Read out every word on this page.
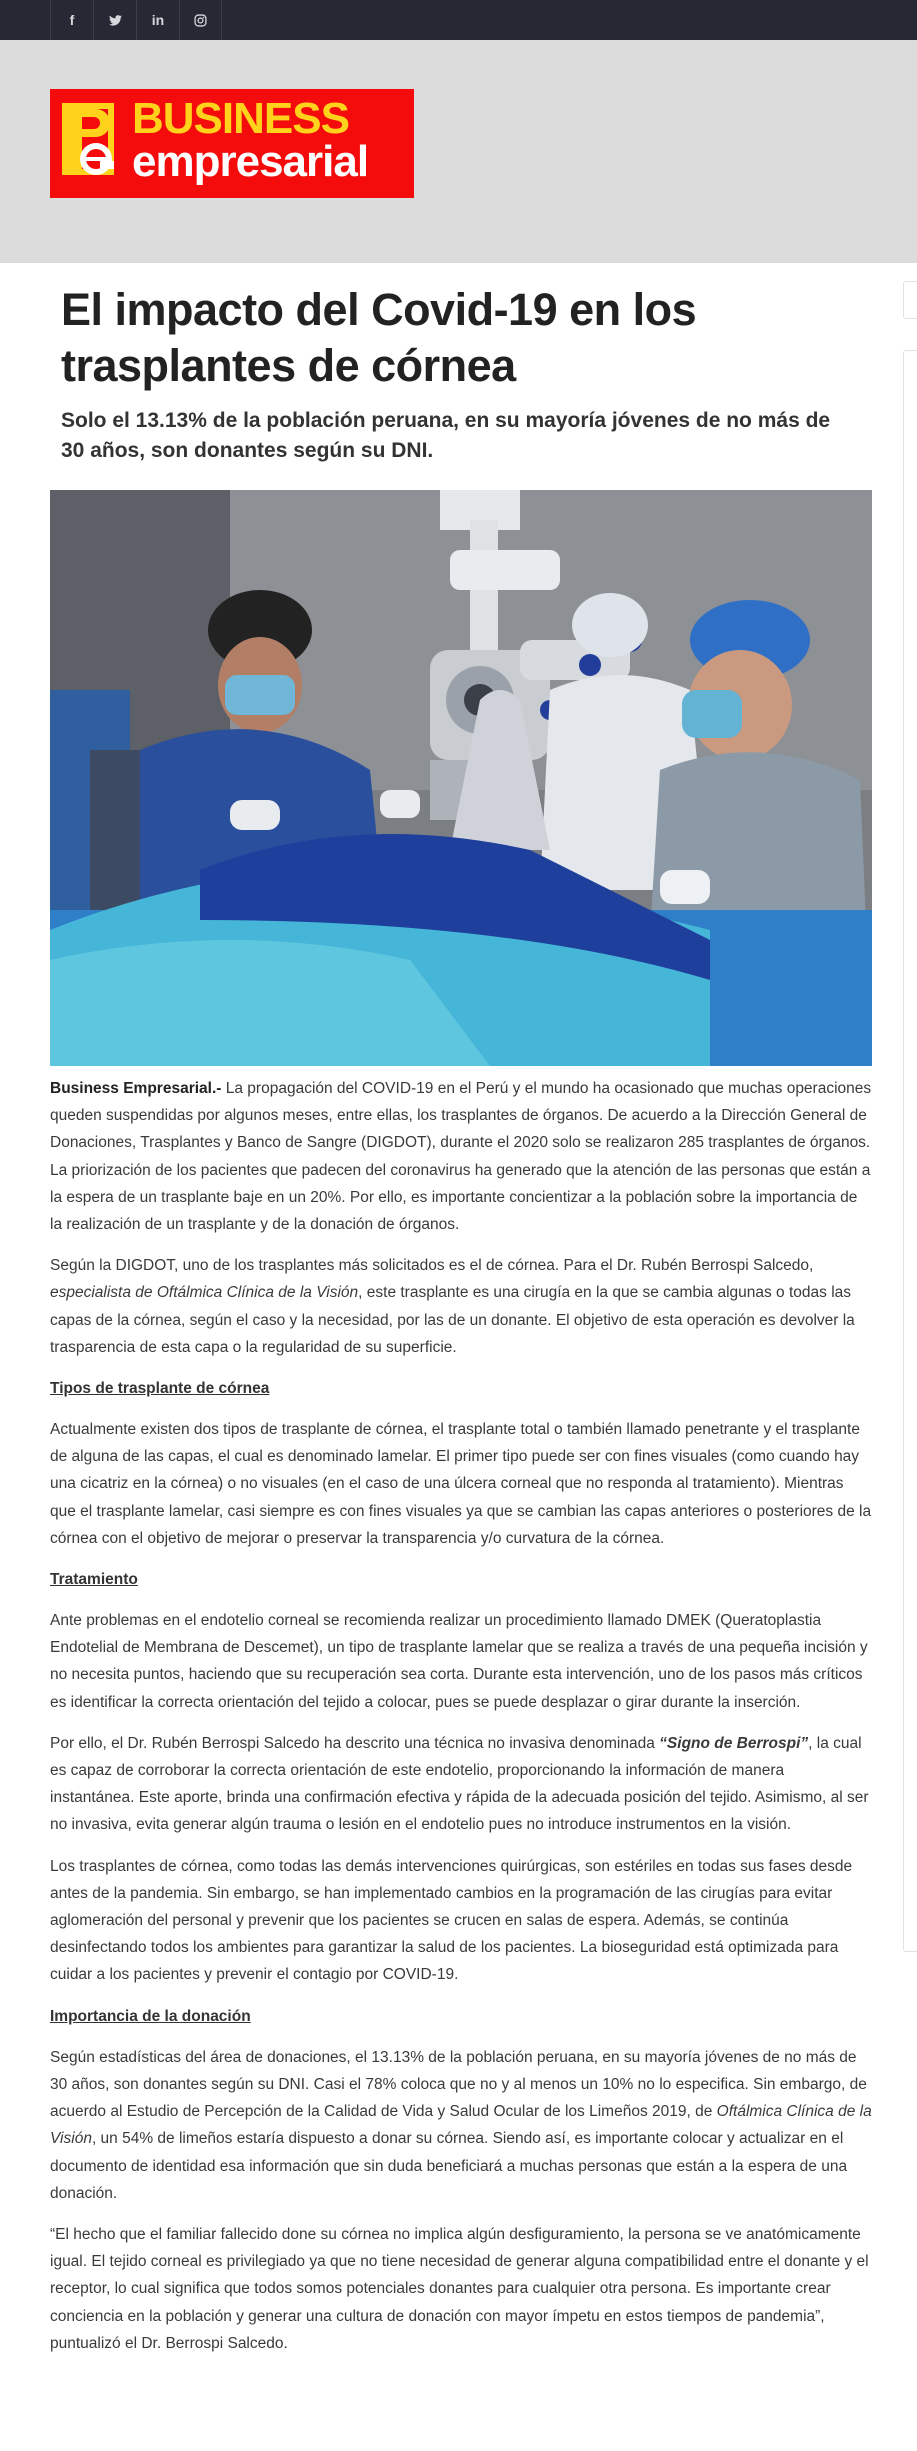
f	in
BUSINESS
empresarial
El impacto del Covid-19 en los trasplantes de córnea
Solo el 13.13% de la población peruana, en su mayoría jóvenes de no más de 30 años, son donantes según su DNI.

Business Empresarial.- La propagación del COVID-19 en el Perú y el mundo ha ocasionado que muchas operaciones queden suspendidas por algunos meses, entre ellas, los trasplantes de órganos. De acuerdo a la Dirección General de Donaciones, Trasplantes y Banco de Sangre (DIGDOT), durante el 2020 solo se realizaron 285 trasplantes de órganos. La priorización de los pacientes que padecen del coronavirus ha generado que la atención de las personas que están a la espera de un trasplante baje en un 20%. Por ello, es importante concientizar a la población sobre la importancia de la realización de un trasplante y de la donación de órganos.

Según la DIGDOT, uno de los trasplantes más solicitados es el de córnea. Para el Dr. Rubén Berrospi Salcedo, especialista de Oftálmica Clínica de la Visión, este trasplante es una cirugía en la que se cambia algunas o todas las capas de la córnea, según el caso y la necesidad, por las de un donante. El objetivo de esta operación es devolver la trasparencia de esta capa o la regularidad de su superficie.

Tipos de trasplante de córnea

Actualmente existen dos tipos de trasplante de córnea, el trasplante total o también llamado penetrante y el trasplante de alguna de las capas, el cual es denominado lamelar. El primer tipo puede ser con fines visuales (como cuando hay una cicatriz en la córnea) o no visuales (en el caso de una úlcera corneal que no responda al tratamiento). Mientras que el trasplante lamelar, casi siempre es con fines visuales ya que se cambian las capas anteriores o posteriores de la córnea con el objetivo de mejorar o preservar la transparencia y/o curvatura de la córnea.

Tratamiento

Ante problemas en el endotelio corneal se recomienda realizar un procedimiento llamado DMEK (Queratoplastia Endotelial de Membrana de Descemet), un tipo de trasplante lamelar que se realiza a través de una pequeña incisión y no necesita puntos, haciendo que su recuperación sea corta. Durante esta intervención, uno de los pasos más críticos es identificar la correcta orientación del tejido a colocar, pues se puede desplazar o girar durante la inserción.

Por ello, el Dr. Rubén Berrospi Salcedo ha descrito una técnica no invasiva denominada “Signo de Berrospi”, la cual es capaz de corroborar la correcta orientación de este endotelio, proporcionando la información de manera instantánea. Este aporte, brinda una confirmación efectiva y rápida de la adecuada posición del tejido. Asimismo, al ser no invasiva, evita generar algún trauma o lesión en el endotelio pues no introduce instrumentos en la visión.

Los trasplantes de córnea, como todas las demás intervenciones quirúrgicas, son estériles en todas sus fases desde antes de la pandemia. Sin embargo, se han implementado cambios en la programación de las cirugías para evitar aglomeración del personal y prevenir que los pacientes se crucen en salas de espera. Además, se continúa desinfectando todos los ambientes para garantizar la salud de los pacientes. La bioseguridad está optimizada para cuidar a los pacientes y prevenir el contagio por COVID-19.

Importancia de la donación

Según estadísticas del área de donaciones, el 13.13% de la población peruana, en su mayoría jóvenes de no más de 30 años, son donantes según su DNI. Casi el 78% coloca que no y al menos un 10% no lo especifica. Sin embargo, de acuerdo al Estudio de Percepción de la Calidad de Vida y Salud Ocular de los Limeños 2019, de Oftálmica Clínica de la Visión, un 54% de limeños estaría dispuesto a donar su córnea. Siendo así, es importante colocar y actualizar en el documento de identidad esa información que sin duda beneficiará a muchas personas que están a la espera de una donación.

“El hecho que el familiar fallecido done su córnea no implica algún desfiguramiento, la persona se ve anatómicamente igual. El tejido corneal es privilegiado ya que no tiene necesidad de generar alguna compatibilidad entre el donante y el receptor, lo cual significa que todos somos potenciales donantes para cualquier otra persona. Es importante crear conciencia en la población y generar una cultura de donación con mayor ímpetu en estos tiempos de pandemia”, puntualizó el Dr. Berrospi Salcedo.
